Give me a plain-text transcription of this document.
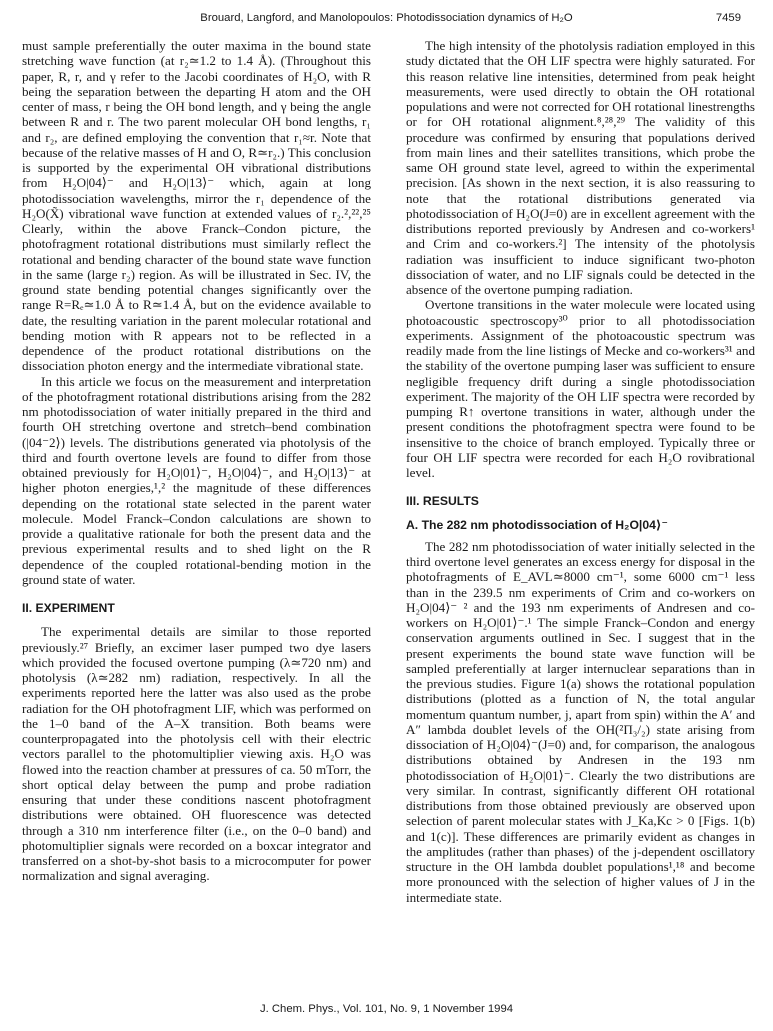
Brouard, Langford, and Manolopoulos: Photodissociation dynamics of H₂O	7459

must sample preferentially the outer maxima in the bound state stretching wave function (at r₂≃1.2 to 1.4 Å). (Throughout this paper, R, r, and γ refer to the Jacobi coordinates of H₂O, with R being the separation between the departing H atom and the OH center of mass, r being the OH bond length, and γ being the angle between R and r. The two parent molecular OH bond lengths, r₁ and r₂, are defined employing the convention that r₁≈r. Note that because of the relative masses of H and O, R≃r₂.) This conclusion is supported by the experimental OH vibrational distributions from H₂O|04⟩⁻ and H₂O|13⟩⁻ which, again at long photodissociation wavelengths, mirror the r₁ dependence of the H₂O(X̃) vibrational wave function at extended values of r₂.²,²²,²⁵ Clearly, within the above Franck–Condon picture, the photofragment rotational distributions must similarly reflect the rotational and bending character of the bound state wave function in the same (large r₂) region. As will be illustrated in Sec. IV, the ground state bending potential changes significantly over the range R=Rₑ≃1.0 Å to R≃1.4 Å, but on the evidence available to date, the resulting variation in the parent molecular rotational and bending motion with R appears not to be reflected in a dependence of the product rotational distributions on the dissociation photon energy and the intermediate vibrational state.

In this article we focus on the measurement and interpretation of the photofragment rotational distributions arising from the 282 nm photodissociation of water initially prepared in the third and fourth OH stretching overtone and stretch–bend combination (|04⁻2⟩) levels. The distributions generated via photolysis of the third and fourth overtone levels are found to differ from those obtained previously for H₂O|01⟩⁻, H₂O|04⟩⁻, and H₂O|13⟩⁻ at higher photon energies,¹,² the magnitude of these differences depending on the rotational state selected in the parent water molecule. Model Franck–Condon calculations are shown to provide a qualitative rationale for both the present data and the previous experimental results and to shed light on the R dependence of the coupled rotational-bending motion in the ground state of water.

II. EXPERIMENT

The experimental details are similar to those reported previously.²⁷ Briefly, an excimer laser pumped two dye lasers which provided the focused overtone pumping (λ≃720 nm) and photolysis (λ≃282 nm) radiation, respectively. In all the experiments reported here the latter was also used as the probe radiation for the OH photofragment LIF, which was performed on the 1–0 band of the A–X transition. Both beams were counterpropagated into the photolysis cell with their electric vectors parallel to the photomultiplier viewing axis. H₂O was flowed into the reaction chamber at pressures of ca. 50 mTorr, the short optical delay between the pump and probe radiation ensuring that under these conditions nascent photofragment distributions were obtained. OH fluorescence was detected through a 310 nm interference filter (i.e., on the 0–0 band) and photomultiplier signals were recorded on a boxcar integrator and transferred on a shot-by-shot basis to a microcomputer for power normalization and signal averaging.

The high intensity of the photolysis radiation employed in this study dictated that the OH LIF spectra were highly saturated. For this reason relative line intensities, determined from peak height measurements, were used directly to obtain the OH rotational populations and were not corrected for OH rotational linestrengths or for OH rotational alignment.⁸,²⁸,²⁹ The validity of this procedure was confirmed by ensuring that populations derived from main lines and their satellites transitions, which probe the same OH ground state level, agreed to within the experimental precision. [As shown in the next section, it is also reassuring to note that the rotational distributions generated via photodissociation of H₂O(J=0) are in excellent agreement with the distributions reported previously by Andresen and co-workers¹ and Crim and co-workers.²] The intensity of the photolysis radiation was insufficient to induce significant two-photon dissociation of water, and no LIF signals could be detected in the absence of the overtone pumping radiation.

Overtone transitions in the water molecule were located using photoacoustic spectroscopy³⁰ prior to all photodissociation experiments. Assignment of the photoacoustic spectrum was readily made from the line listings of Mecke and co-workers³¹ and the stability of the overtone pumping laser was sufficient to ensure negligible frequency drift during a single photodissociation experiment. The majority of the OH LIF spectra were recorded by pumping R↑ overtone transitions in water, although under the present conditions the photofragment spectra were found to be insensitive to the choice of branch employed. Typically three or four OH LIF spectra were recorded for each H₂O rovibrational level.

III. RESULTS
A. The 282 nm photodissociation of H₂O|04⟩⁻

The 282 nm photodissociation of water initially selected in the third overtone level generates an excess energy for disposal in the photofragments of E_AVL≃8000 cm⁻¹, some 6000 cm⁻¹ less than in the 239.5 nm experiments of Crim and co-workers on H₂O|04⟩⁻ ² and the 193 nm experiments of Andresen and co-workers on H₂O|01⟩⁻.¹ The simple Franck–Condon and energy conservation arguments outlined in Sec. I suggest that in the present experiments the bound state wave function will be sampled preferentially at larger internuclear separations than in the previous studies. Figure 1(a) shows the rotational population distributions (plotted as a function of N, the total angular momentum quantum number, j, apart from spin) within the A′ and A″ lambda doublet levels of the OH(²Π₃/₂) state arising from dissociation of H₂O|04⟩⁻(J=0) and, for comparison, the analogous distributions obtained by Andresen in the 193 nm photodissociation of H₂O|01⟩⁻. Clearly the two distributions are very similar. In contrast, significantly different OH rotational distributions from those obtained previously are observed upon selection of parent molecular states with J_Ka,Kc > 0 [Figs. 1(b) and 1(c)]. These differences are primarily evident as changes in the amplitudes (rather than phases) of the j-dependent oscillatory structure in the OH lambda doublet populations¹,¹⁸ and become more pronounced with the selection of higher values of J in the intermediate state.

J. Chem. Phys., Vol. 101, No. 9, 1 November 1994
